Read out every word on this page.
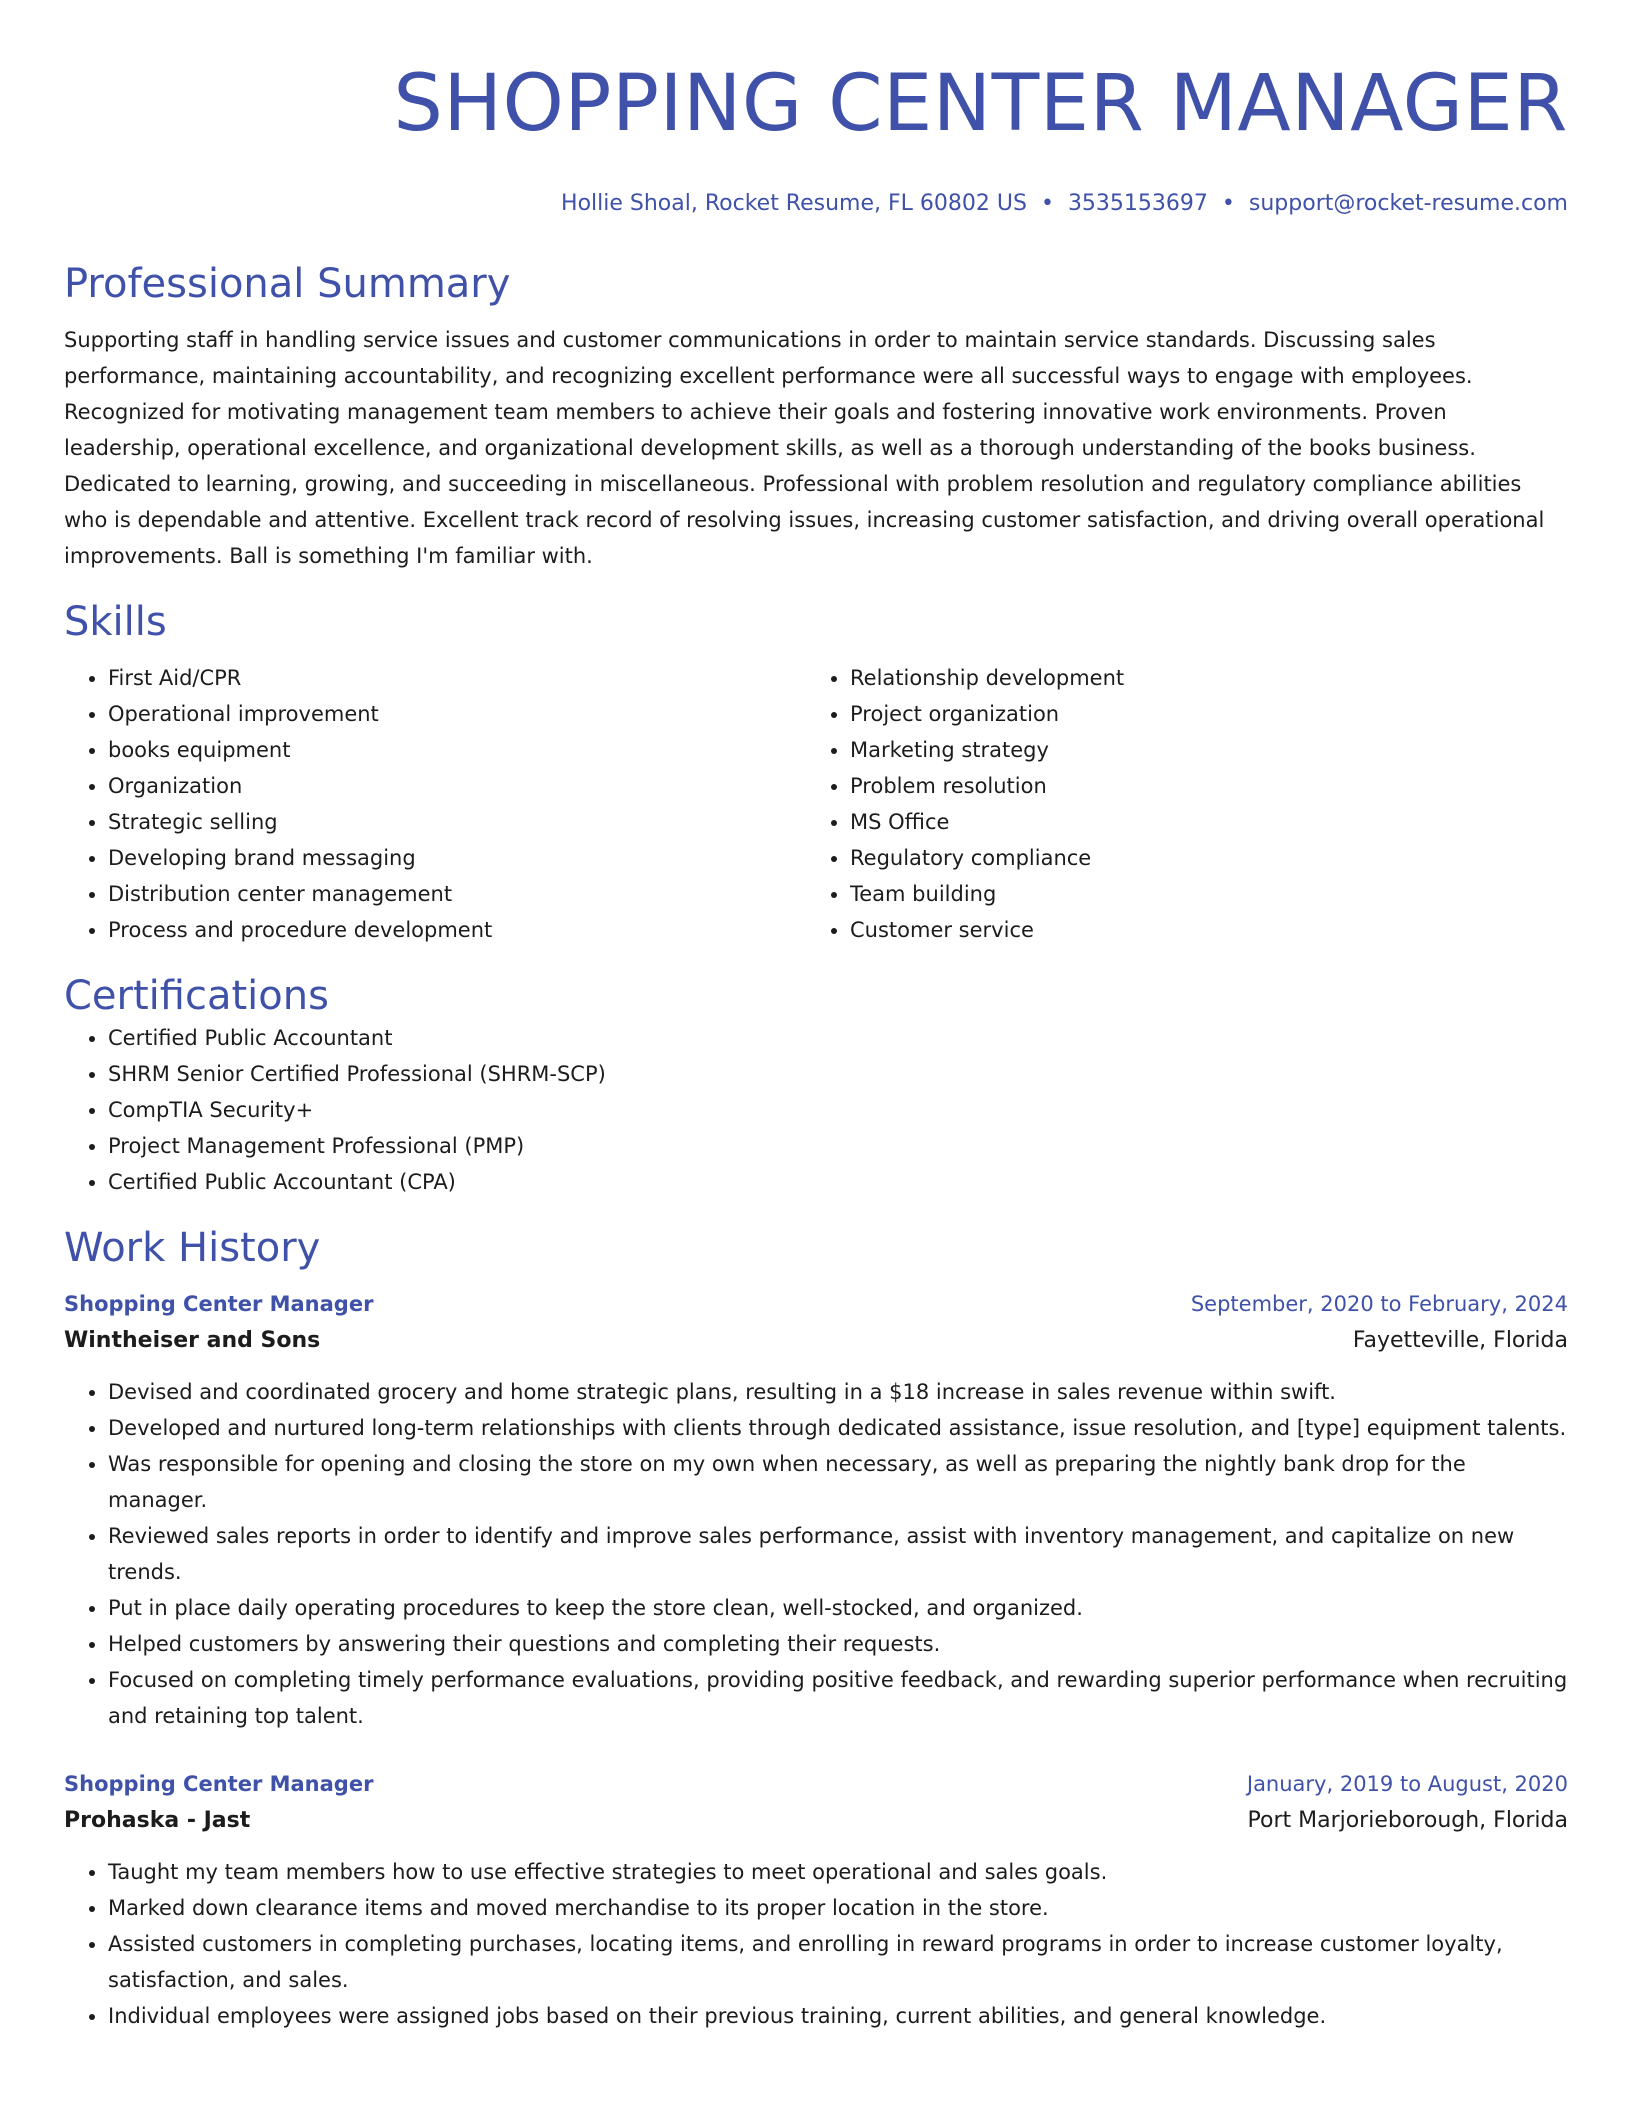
SHOPPING CENTER MANAGER
Hollie Shoal, Rocket Resume, FL 60802 US • 3535153697 • support@rocket-resume.com
Professional Summary
Supporting staff in handling service issues and customer communications in order to maintain service standards. Discussing sales performance, maintaining accountability, and recognizing excellent performance were all successful ways to engage with employees. Recognized for motivating management team members to achieve their goals and fostering innovative work environments. Proven leadership, operational excellence, and organizational development skills, as well as a thorough understanding of the books business. Dedicated to learning, growing, and succeeding in miscellaneous. Professional with problem resolution and regulatory compliance abilities who is dependable and attentive. Excellent track record of resolving issues, increasing customer satisfaction, and driving overall operational improvements. Ball is something I'm familiar with.
Skills
• First Aid/CPR
• Operational improvement
• books equipment
• Organization
• Strategic selling
• Developing brand messaging
• Distribution center management
• Process and procedure development
• Relationship development
• Project organization
• Marketing strategy
• Problem resolution
• MS Office
• Regulatory compliance
• Team building
• Customer service
Certifications
• Certified Public Accountant
• SHRM Senior Certified Professional (SHRM-SCP)
• CompTIA Security+
• Project Management Professional (PMP)
• Certified Public Accountant (CPA)
Work History
Shopping Center Manager	September, 2020 to February, 2024
Wintheiser and Sons	Fayetteville, Florida
• Devised and coordinated grocery and home strategic plans, resulting in a $18 increase in sales revenue within swift.
• Developed and nurtured long-term relationships with clients through dedicated assistance, issue resolution, and [type] equipment talents.
• Was responsible for opening and closing the store on my own when necessary, as well as preparing the nightly bank drop for the manager.
• Reviewed sales reports in order to identify and improve sales performance, assist with inventory management, and capitalize on new trends.
• Put in place daily operating procedures to keep the store clean, well-stocked, and organized.
• Helped customers by answering their questions and completing their requests.
• Focused on completing timely performance evaluations, providing positive feedback, and rewarding superior performance when recruiting and retaining top talent.
Shopping Center Manager	January, 2019 to August, 2020
Prohaska - Jast	Port Marjorieborough, Florida
• Taught my team members how to use effective strategies to meet operational and sales goals.
• Marked down clearance items and moved merchandise to its proper location in the store.
• Assisted customers in completing purchases, locating items, and enrolling in reward programs in order to increase customer loyalty, satisfaction, and sales.
• Individual employees were assigned jobs based on their previous training, current abilities, and general knowledge.
